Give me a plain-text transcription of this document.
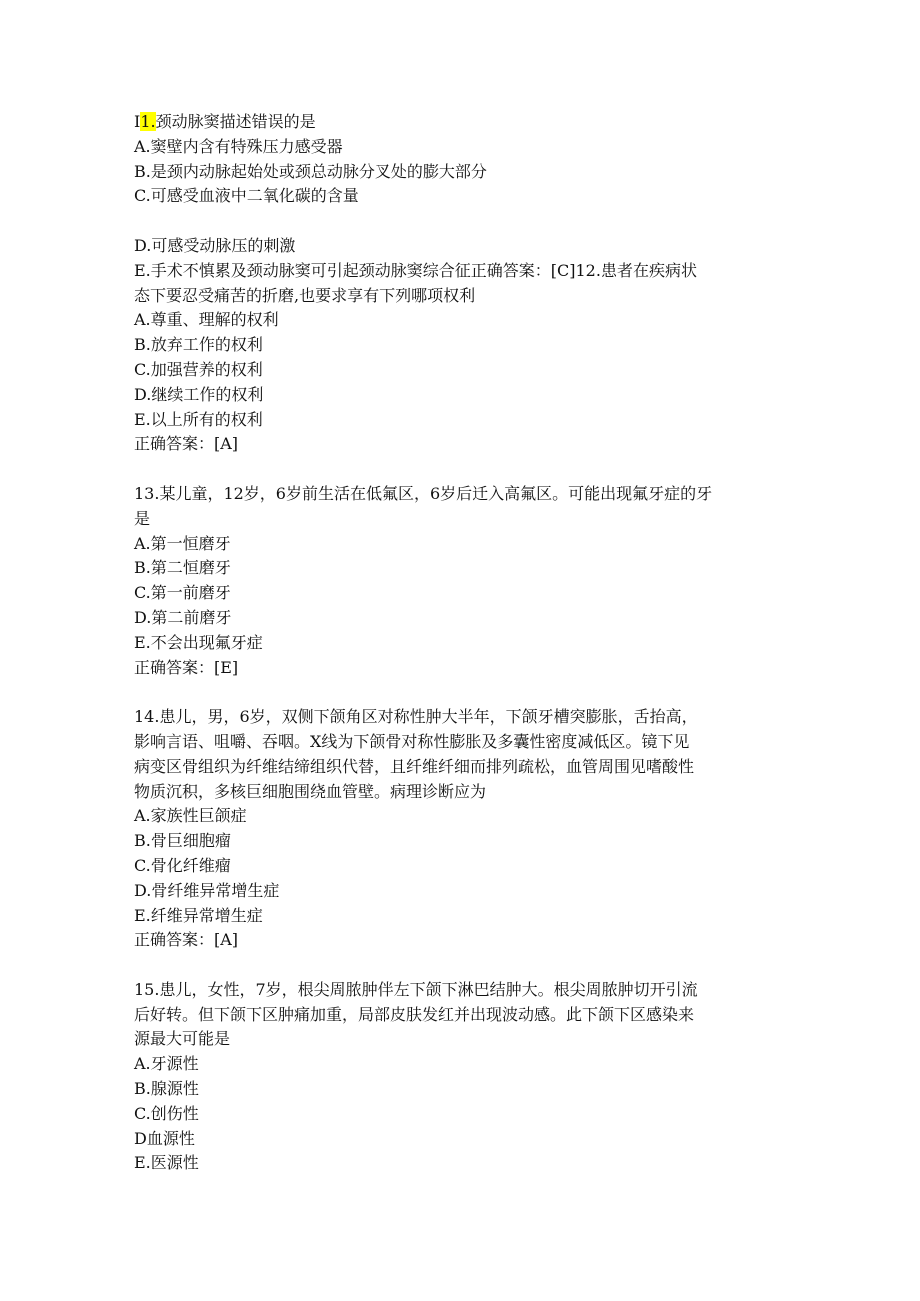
I1.颈动脉窦描述错误的是
A.窦壁内含有特殊压力感受器
B.是颈内动脉起始处或颈总动脉分叉处的膨大部分
C.可感受血液中二氧化碳的含量
D.可感受动脉压的刺激
E.手术不慎累及颈动脉窦可引起颈动脉窦综合征正确答案：[C]12.患者在疾病状
态下要忍受痛苦的折磨,也要求享有下列哪项权利
A.尊重、理解的权利
B.放弃工作的权利
C.加强营养的权利
D.继续工作的权利
E.以上所有的权利
正确答案：[A]
13.某儿童，12岁，6岁前生活在低氟区，6岁后迁入高氟区。可能出现氟牙症的牙
是
A.第一恒磨牙
B.第二恒磨牙
C.第一前磨牙
D.第二前磨牙
E.不会出现氟牙症
正确答案：[E]
14.患儿，男，6岁，双侧下颌角区对称性肿大半年，下颌牙槽突膨胀，舌抬高，
影响言语、咀嚼、吞咽。X线为下颌骨对称性膨胀及多囊性密度减低区。镜下见
病变区骨组织为纤维结缔组织代替，且纤维纤细而排列疏松，血管周围见嗜酸性
物质沉积，多核巨细胞围绕血管壁。病理诊断应为
A.家族性巨颌症
B.骨巨细胞瘤
C.骨化纤维瘤
D.骨纤维异常增生症
E.纤维异常增生症
正确答案：[A]
15.患儿，女性，7岁，根尖周脓肿伴左下颌下淋巴结肿大。根尖周脓肿切开引流
后好转。但下颌下区肿痛加重，局部皮肤发红并出现波动感。此下颌下区感染来
源最大可能是
A.牙源性
B.腺源性
C.创伤性
D血源性
E.医源性
